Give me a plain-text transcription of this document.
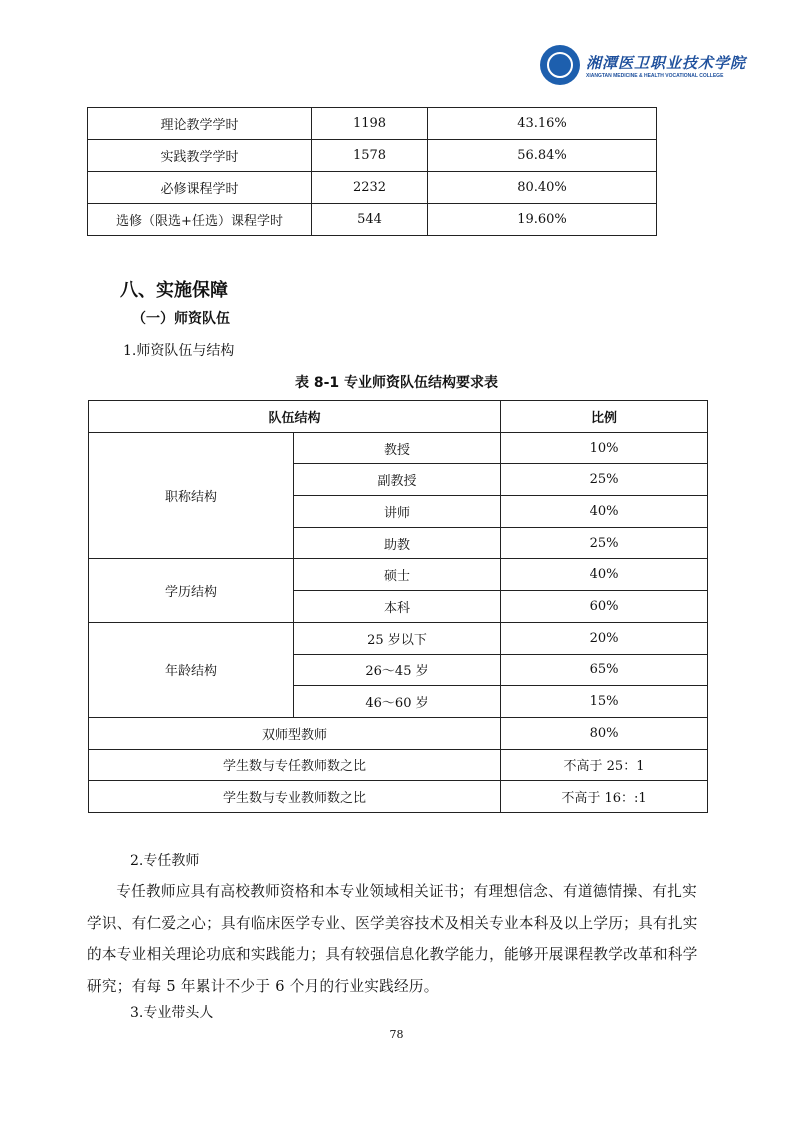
湘潭医卫职业技术学院
XIANGTAN MEDICINE & HEALTH VOCATIONAL COLLEGE
理论教学学时	1198	43.16%
实践教学学时	1578	56.84%
必修课程学时	2232	80.40%
选修（限选+任选）课程学时	544	19.60%
八、实施保障
（一）师资队伍
1.师资队伍与结构
表 8-1 专业师资队伍结构要求表
队伍结构		比例
职称结构	教授	10%
	副教授	25%
	讲师	40%
	助教	25%
学历结构	硕士	40%
	本科	60%
年龄结构	25 岁以下	20%
	26～45 岁	65%
	46～60 岁	15%
双师型教师		80%
学生数与专任教师数之比		不高于 25：1
学生数与专业教师数之比		不高于 16：:1
2.专任教师
专任教师应具有高校教师资格和本专业领域相关证书；有理想信念、有道德情操、有扎实学识、有仁爱之心；具有临床医学专业、医学美容技术及相关专业本科及以上学历；具有扎实的本专业相关理论功底和实践能力；具有较强信息化教学能力，能够开展课程教学改革和科学研究；有每 5 年累计不少于 6 个月的行业实践经历。
3.专业带头人
78
